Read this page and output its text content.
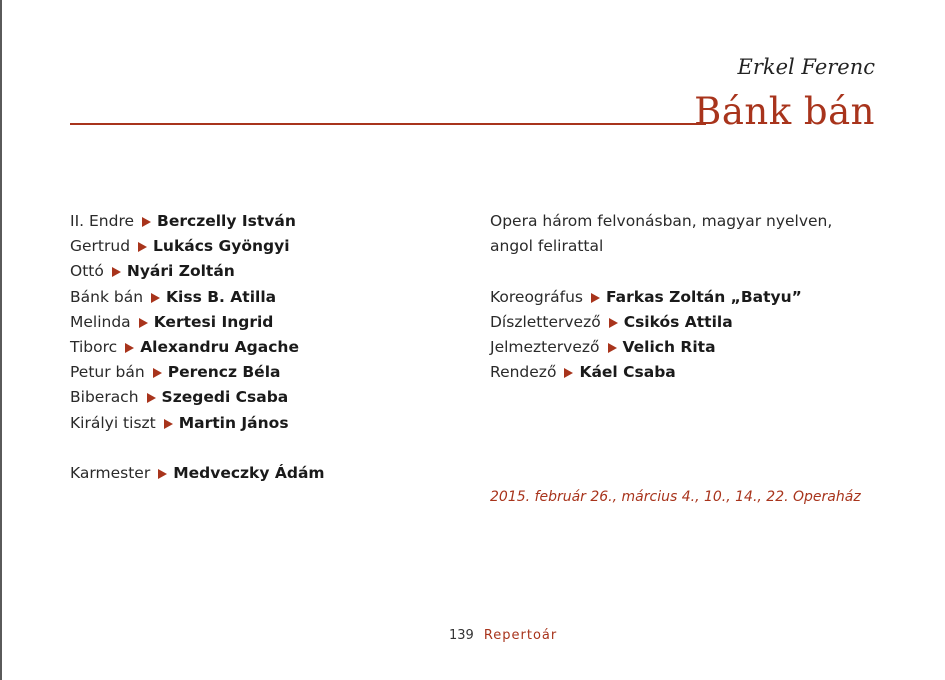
Erkel Ferenc
Bánk bán
II. Endre Berczelly István
Gertrud Lukács Gyöngyi
Ottó Nyári Zoltán
Bánk bán Kiss B. Atilla
Melinda Kertesi Ingrid
Tiborc Alexandru Agache
Petur bán Perencz Béla
Biberach Szegedi Csaba
Királyi tiszt Martin János
Karmester Medveczky Ádám
Opera három felvonásban, magyar nyelven,
angol felirattal
Koreográfus Farkas Zoltán „Batyu”
Díszlettervező Csikós Attila
Jelmeztervező Velich Rita
Rendező Káel Csaba
2015. február 26., március 4., 10., 14., 22. Operaház
139 Repertoár
